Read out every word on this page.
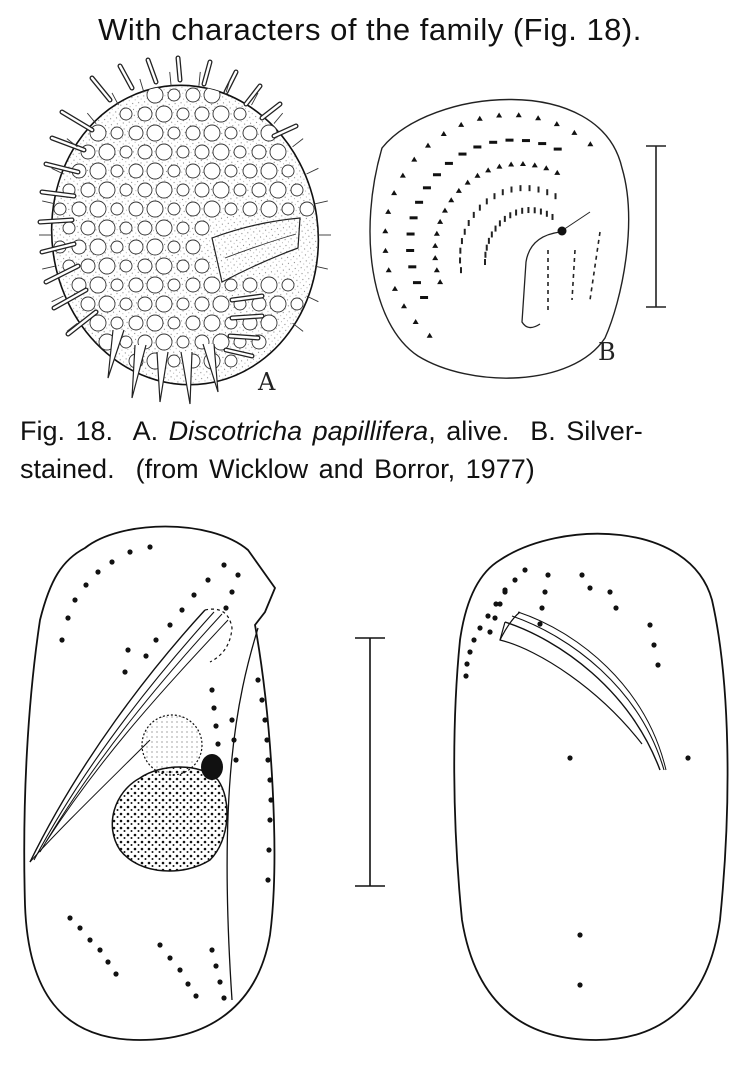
With characters of the family (Fig. 18).

A
B

Fig. 18. A. Discotricha papillifera, alive. B. Silver-stained. (from Wicklow and Borror, 1977)
